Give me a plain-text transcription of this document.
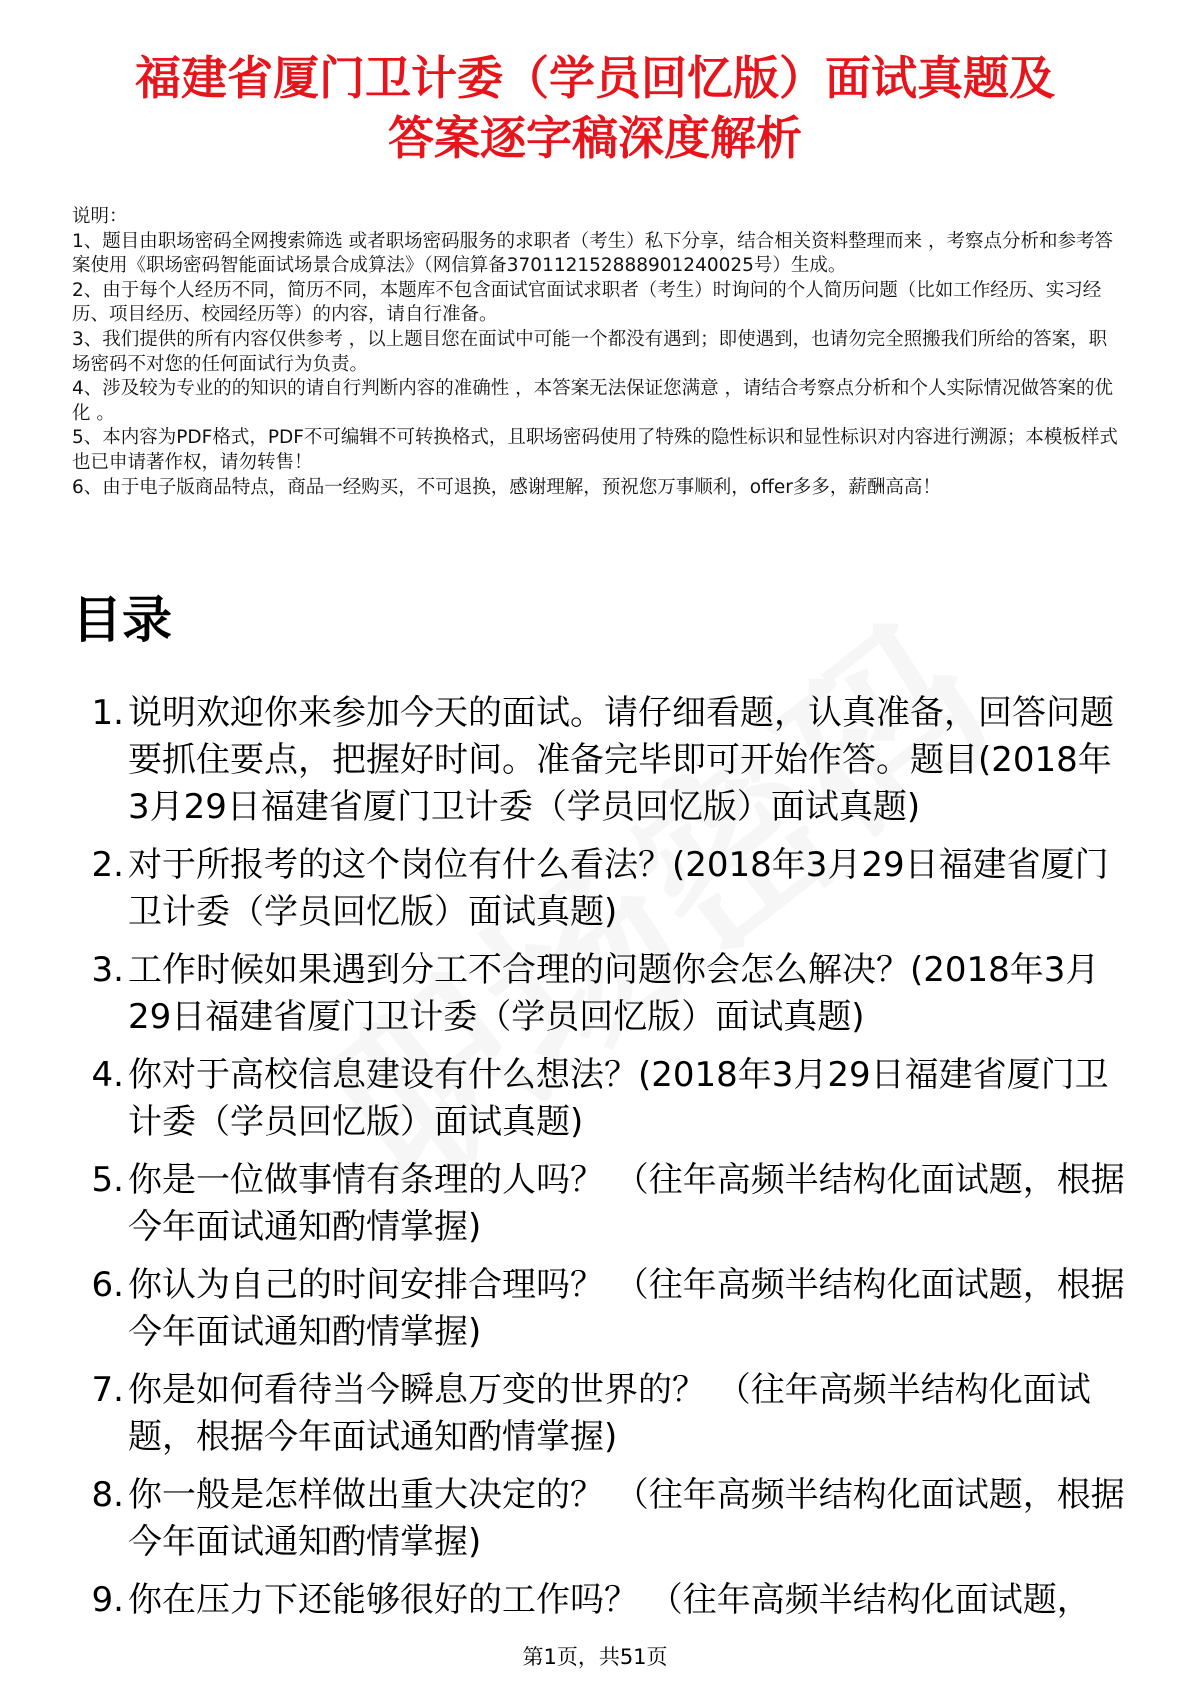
福建省厦门卫计委（学员回忆版）面试真题及
答案逐字稿深度解析
说明：
1、题目由职场密码全网搜索筛选 或者职场密码服务的求职者（考生）私下分享，结合相关资料整理而来 ，考察点分析和参考答案使用《职场密码智能面试场景合成算法》（网信算备370112152888901240025号）生成。
2、由于每个人经历不同，简历不同，本题库不包含面试官面试求职者（考生）时询问的个人简历问题（比如工作经历、实习经历、项目经历、校园经历等）的内容，请自行准备。
3、我们提供的所有内容仅供参考 ，以上题目您在面试中可能一个都没有遇到；即使遇到，也请勿完全照搬我们所给的答案，职场密码不对您的任何面试行为负责。
4、涉及较为专业的的知识的请自行判断内容的准确性 ，本答案无法保证您满意 ，请结合考察点分析和个人实际情况做答案的优化 。
5、本内容为PDF格式，PDF不可编辑不可转换格式，且职场密码使用了特殊的隐性标识和显性标识对内容进行溯源；本模板样式也已申请著作权，请勿转售！
6、由于电子版商品特点，商品一经购买，不可退换，感谢理解，预祝您万事顺利，offer多多，薪酬高高！
目录
1. 说明欢迎你来参加今天的面试。请仔细看题，认真准备，回答问题要抓住要点，把握好时间。准备完毕即可开始作答。题目(2018年3月29日福建省厦门卫计委（学员回忆版）面试真题)
2. 对于所报考的这个岗位有什么看法？(2018年3月29日福建省厦门卫计委（学员回忆版）面试真题)
3. 工作时候如果遇到分工不合理的问题你会怎么解决？(2018年3月29日福建省厦门卫计委（学员回忆版）面试真题)
4. 你对于高校信息建设有什么想法？(2018年3月29日福建省厦门卫计委（学员回忆版）面试真题)
5. 你是一位做事情有条理的人吗？ （往年高频半结构化面试题，根据今年面试通知酌情掌握)
6. 你认为自己的时间安排合理吗？ （往年高频半结构化面试题，根据今年面试通知酌情掌握)
7. 你是如何看待当今瞬息万变的世界的？ （往年高频半结构化面试题，根据今年面试通知酌情掌握)
8. 你一般是怎样做出重大决定的？ （往年高频半结构化面试题，根据今年面试通知酌情掌握)
9. 你在压力下还能够很好的工作吗？ （往年高频半结构化面试题，
第1页，共51页
